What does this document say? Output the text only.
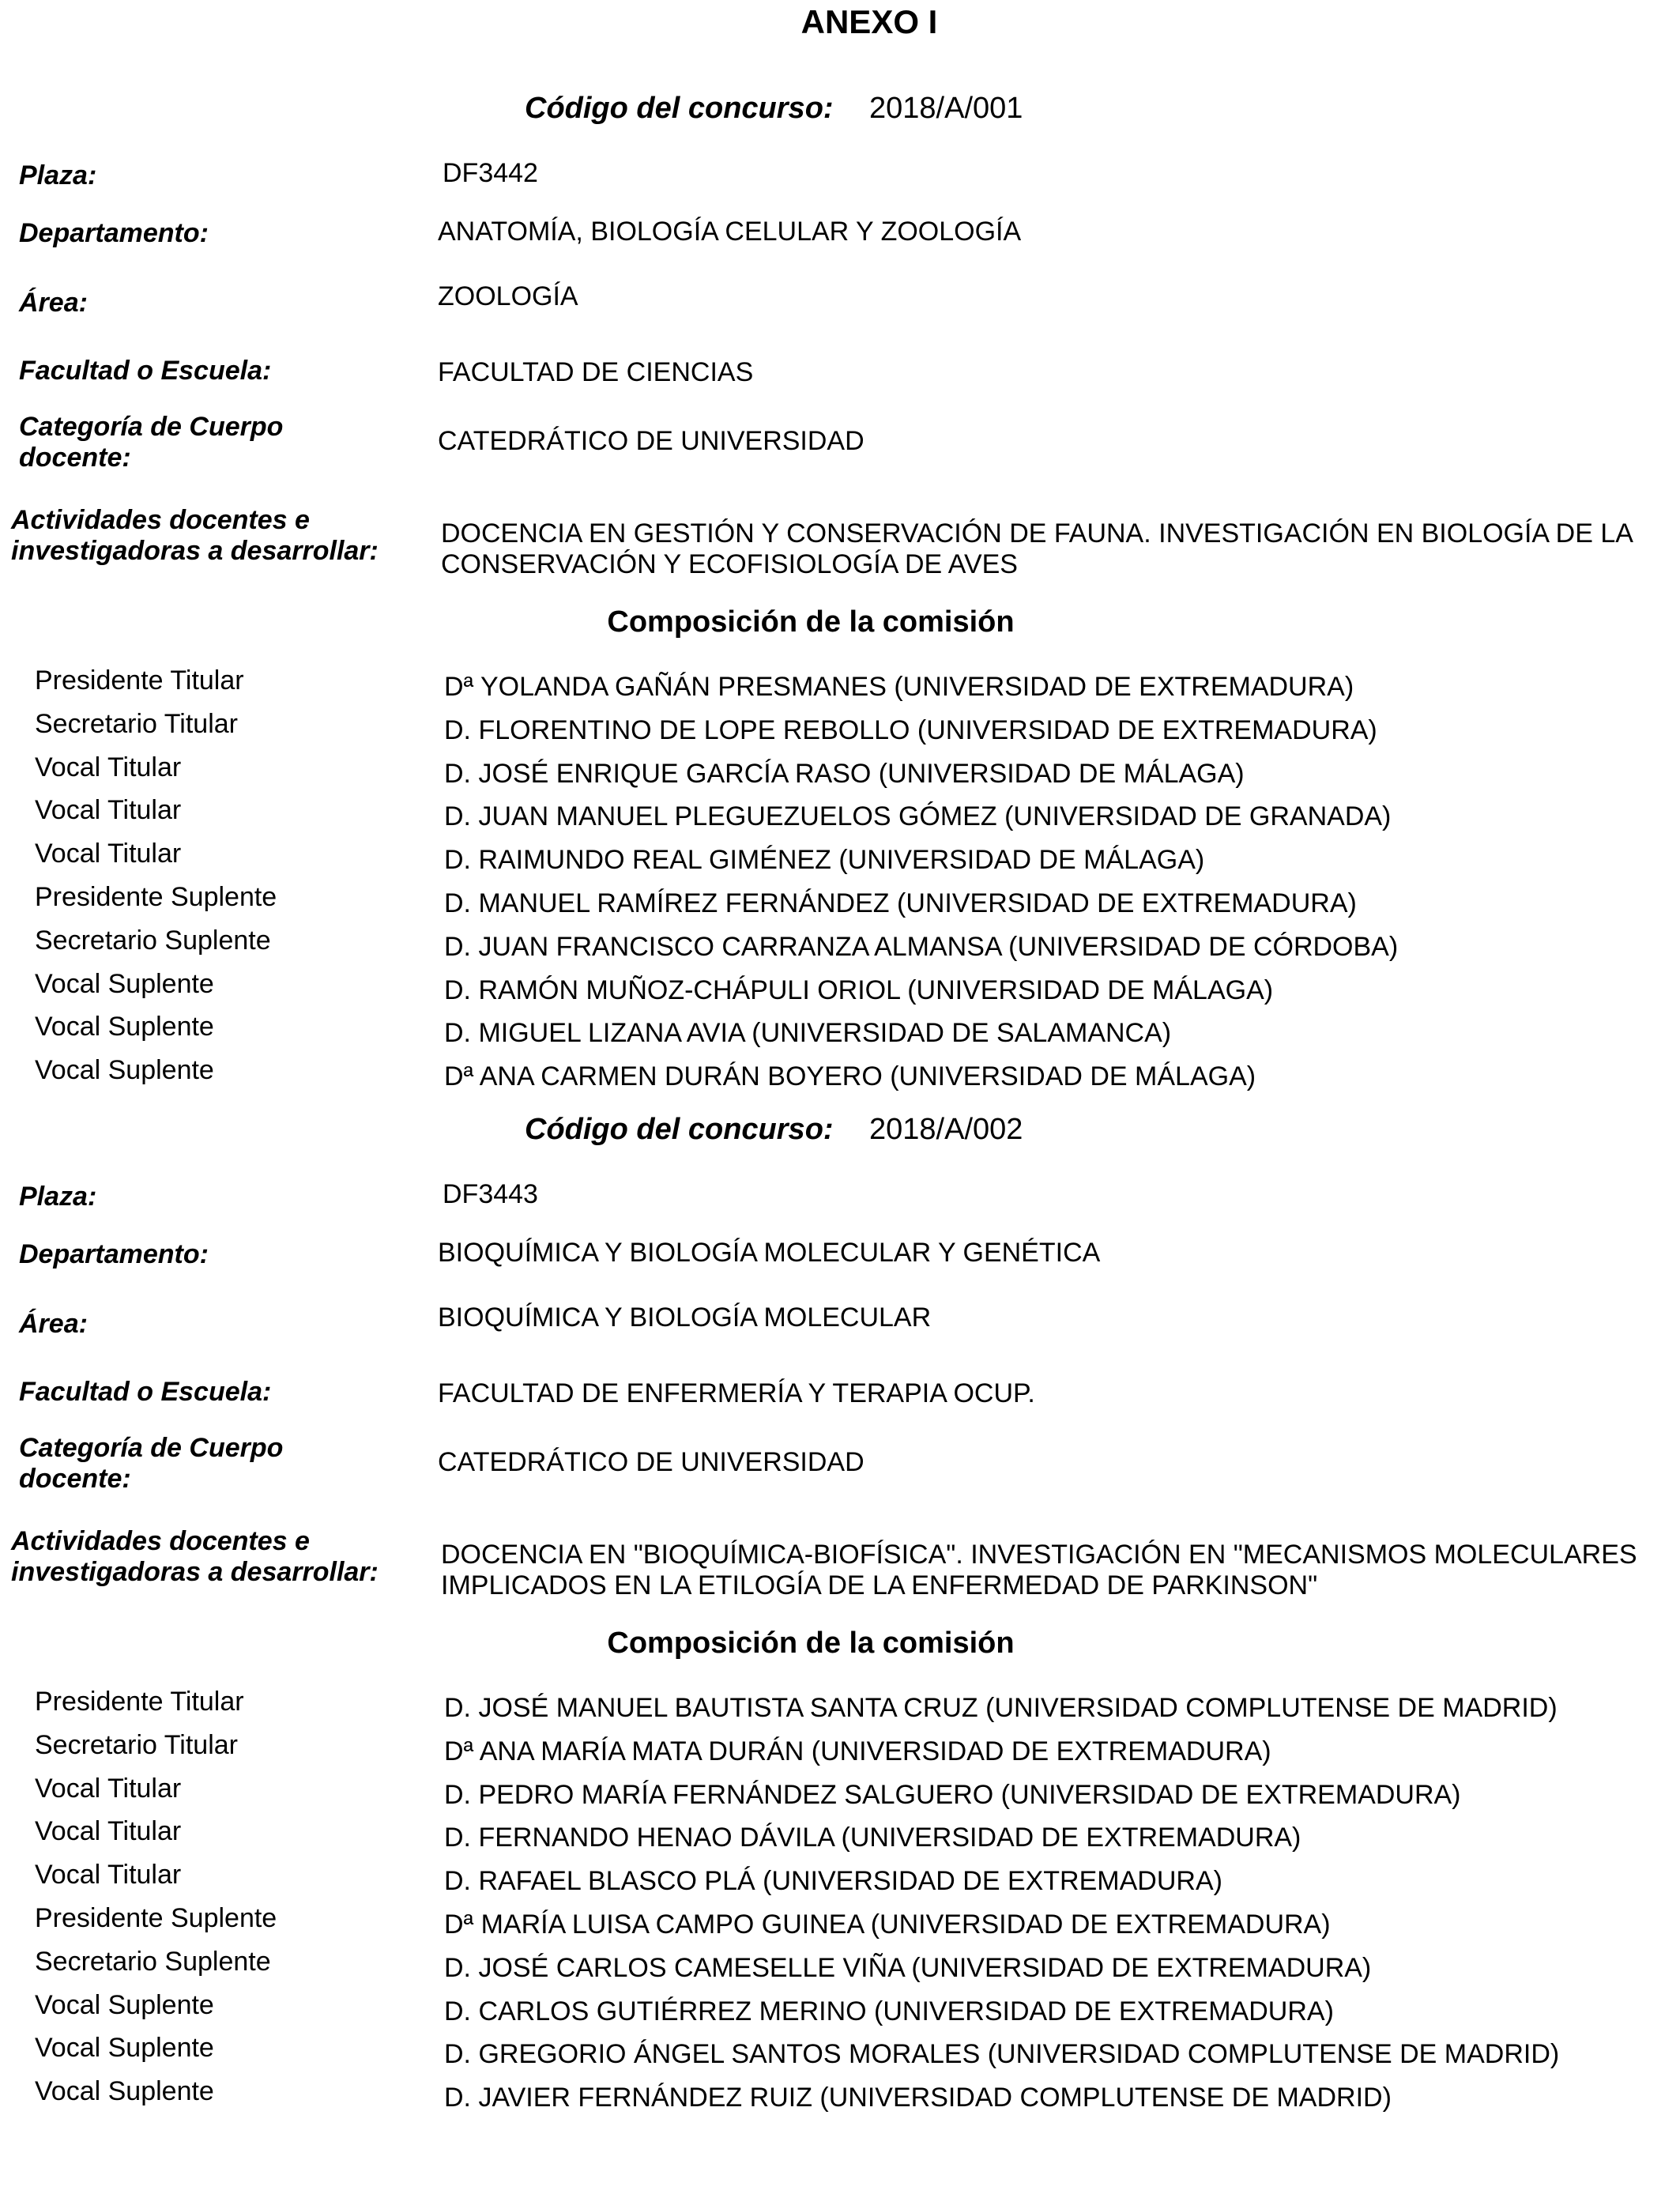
ANEXO I
Código del concurso: 2018/A/001
Plaza:	DF3442
Departamento:	ANATOMÍA, BIOLOGÍA CELULAR Y ZOOLOGÍA
Área:	ZOOLOGÍA
Facultad o Escuela:	FACULTAD DE CIENCIAS
Categoría de Cuerpo
docente:
CATEDRÁTICO DE UNIVERSIDAD
Actividades docentes e
investigadoras a desarrollar:
DOCENCIA EN GESTIÓN Y CONSERVACIÓN DE FAUNA. INVESTIGACIÓN EN BIOLOGÍA DE LA
CONSERVACIÓN Y ECOFISIOLOGÍA DE AVES
Composición de la comisión
Presidente Titular	Dª YOLANDA GAÑÁN PRESMANES (UNIVERSIDAD DE EXTREMADURA)
Secretario Titular	D. FLORENTINO DE LOPE REBOLLO (UNIVERSIDAD DE EXTREMADURA)
Vocal Titular	D. JOSÉ ENRIQUE GARCÍA RASO (UNIVERSIDAD DE MÁLAGA)
Vocal Titular	D. JUAN MANUEL PLEGUEZUELOS GÓMEZ (UNIVERSIDAD DE GRANADA)
Vocal Titular	D. RAIMUNDO REAL GIMÉNEZ (UNIVERSIDAD DE MÁLAGA)
Presidente Suplente	D. MANUEL RAMÍREZ FERNÁNDEZ (UNIVERSIDAD DE EXTREMADURA)
Secretario Suplente	D. JUAN FRANCISCO CARRANZA ALMANSA (UNIVERSIDAD DE CÓRDOBA)
Vocal Suplente	D. RAMÓN MUÑOZ-CHÁPULI ORIOL (UNIVERSIDAD DE MÁLAGA)
Vocal Suplente	D. MIGUEL LIZANA AVIA (UNIVERSIDAD DE SALAMANCA)
Vocal Suplente	Dª ANA CARMEN DURÁN BOYERO (UNIVERSIDAD DE MÁLAGA)
Código del concurso: 2018/A/002
Plaza:	DF3443
Departamento:	BIOQUÍMICA Y BIOLOGÍA MOLECULAR Y GENÉTICA
Área:	BIOQUÍMICA Y BIOLOGÍA MOLECULAR
Facultad o Escuela:	FACULTAD DE ENFERMERÍA Y TERAPIA OCUP.
Categoría de Cuerpo
docente:
CATEDRÁTICO DE UNIVERSIDAD
Actividades docentes e
investigadoras a desarrollar:
DOCENCIA EN "BIOQUÍMICA-BIOFÍSICA". INVESTIGACIÓN EN "MECANISMOS MOLECULARES
IMPLICADOS EN LA ETILOGÍA DE LA ENFERMEDAD DE PARKINSON"
Composición de la comisión
Presidente Titular	D. JOSÉ MANUEL BAUTISTA SANTA CRUZ (UNIVERSIDAD COMPLUTENSE DE MADRID)
Secretario Titular	Dª ANA MARÍA MATA DURÁN (UNIVERSIDAD DE EXTREMADURA)
Vocal Titular	D. PEDRO MARÍA FERNÁNDEZ SALGUERO (UNIVERSIDAD DE EXTREMADURA)
Vocal Titular	D. FERNANDO HENAO DÁVILA (UNIVERSIDAD DE EXTREMADURA)
Vocal Titular	D. RAFAEL BLASCO PLÁ (UNIVERSIDAD DE EXTREMADURA)
Presidente Suplente	Dª MARÍA LUISA CAMPO GUINEA (UNIVERSIDAD DE EXTREMADURA)
Secretario Suplente	D. JOSÉ CARLOS CAMESELLE VIÑA (UNIVERSIDAD DE EXTREMADURA)
Vocal Suplente	D. CARLOS GUTIÉRREZ MERINO (UNIVERSIDAD DE EXTREMADURA)
Vocal Suplente	D. GREGORIO ÁNGEL SANTOS MORALES (UNIVERSIDAD COMPLUTENSE DE MADRID)
Vocal Suplente	D. JAVIER FERNÁNDEZ RUIZ (UNIVERSIDAD COMPLUTENSE DE MADRID)
